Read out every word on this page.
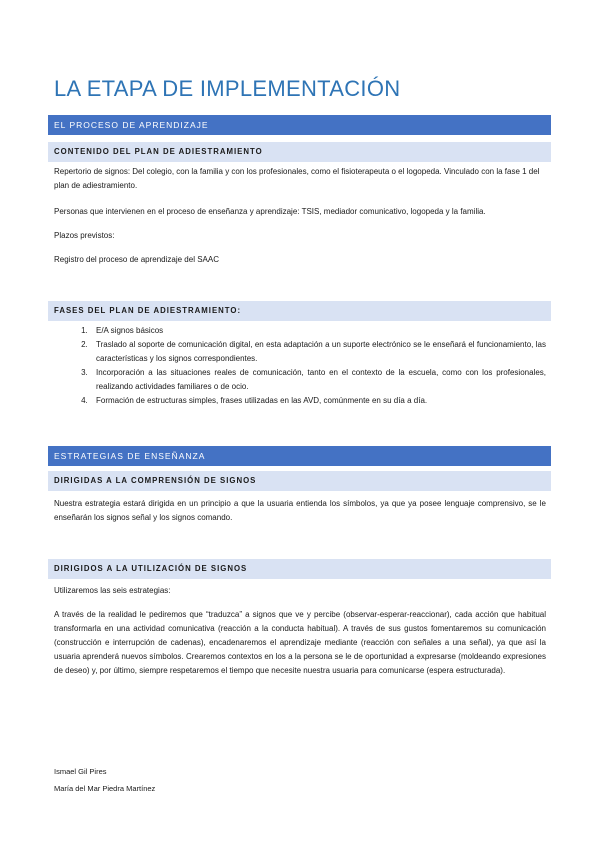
LA ETAPA DE IMPLEMENTACIÓN
EL PROCESO DE APRENDIZAJE
CONTENIDO DEL PLAN DE ADIESTRAMIENTO

Repertorio de signos: Del colegio, con la familia y con los profesionales, como el fisioterapeuta o el logopeda. Vinculado con la fase 1 del plan de adiestramiento.

Personas que intervienen en el proceso de enseñanza y aprendizaje: TSIS, mediador comunicativo, logopeda y la familia.

Plazos previstos:

Registro del proceso de aprendizaje del SAAC

FASES DEL PLAN DE ADIESTRAMIENTO:
1. E/A signos básicos
2. Traslado al soporte de comunicación digital, en esta adaptación a un suporte electrónico se le enseñará el funcionamiento, las características y los signos correspondientes.
3. Incorporación a las situaciones reales de comunicación, tanto en el contexto de la escuela, como con los profesionales, realizando actividades familiares o de ocio.
4. Formación de estructuras simples, frases utilizadas en las AVD, comúnmente en su día a día.
ESTRATEGIAS DE ENSEÑANZA
DIRIGIDAS A LA COMPRENSIÓN DE SIGNOS

Nuestra estrategia estará dirigida en un principio a que la usuaria entienda los símbolos, ya que ya posee lenguaje comprensivo, se le enseñarán los signos señal y los signos comando.

DIRIGIDOS A LA UTILIZACIÓN DE SIGNOS

Utilizaremos las seis estrategias:

A través de la realidad le pediremos que “traduzca” a signos que ve y percibe (observar-esperar-reaccionar), cada acción que habitual transformarla en una actividad comunicativa (reacción a la conducta habitual). A través de sus gustos fomentaremos su comunicación (construcción e interrupción de cadenas), encadenaremos el aprendizaje mediante (reacción con señales a una señal), ya que así la usuaria aprenderá nuevos símbolos. Crearemos contextos en los a la persona se le de oportunidad a expresarse (moldeando expresiones de deseo) y, por último, siempre respetaremos el tiempo que necesite nuestra usuaria para comunicarse (espera estructurada).

Ismael Gil Pires
María del Mar Piedra Martínez
